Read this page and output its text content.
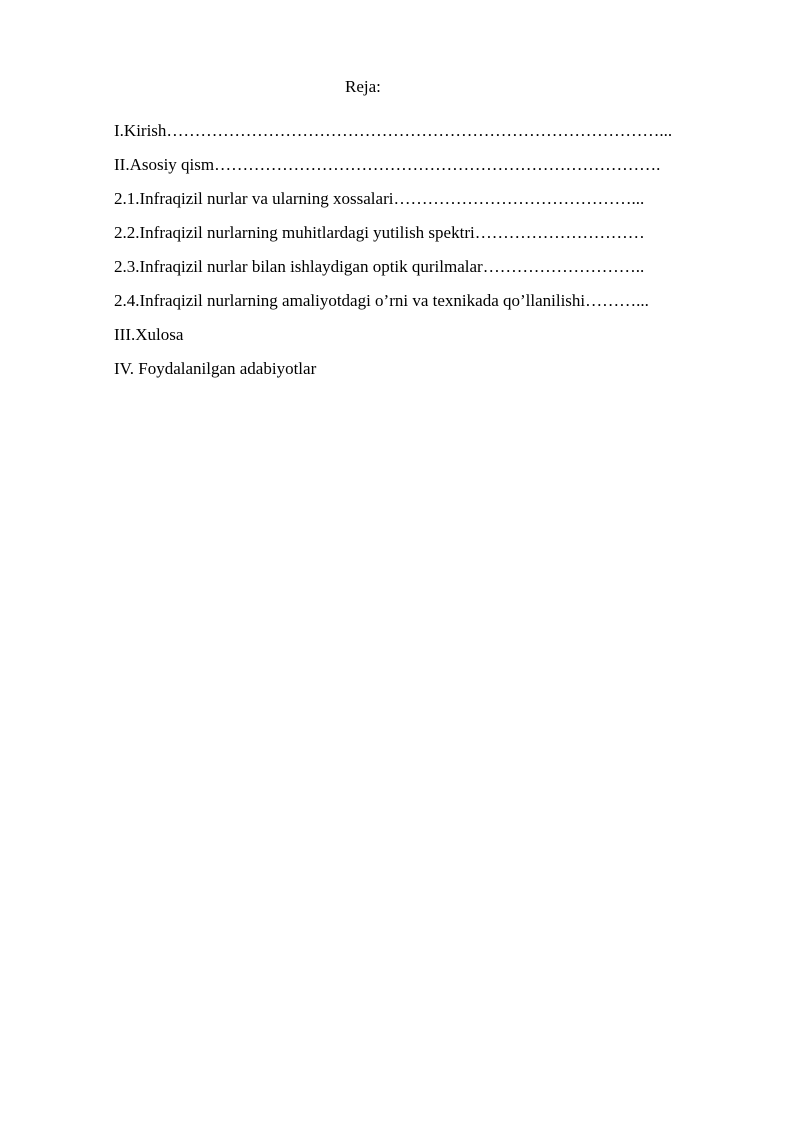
Reja:
I.Kirish……………………………………………………………………………...
II.Asosiy qism…………………………………………………………………….
2.1.Infraqizil nurlar va ularning xossalari……………………………………...
2.2.Infraqizil nurlarning muhitlardagi yutilish spektri…………………………
2.3.Infraqizil nurlar bilan ishlaydigan optik qurilmalar………………………..
2.4.Infraqizil nurlarning amaliyotdagi o’rni va texnikada qo’llanilishi………...
III.Xulosa
IV. Foydalanilgan adabiyotlar
